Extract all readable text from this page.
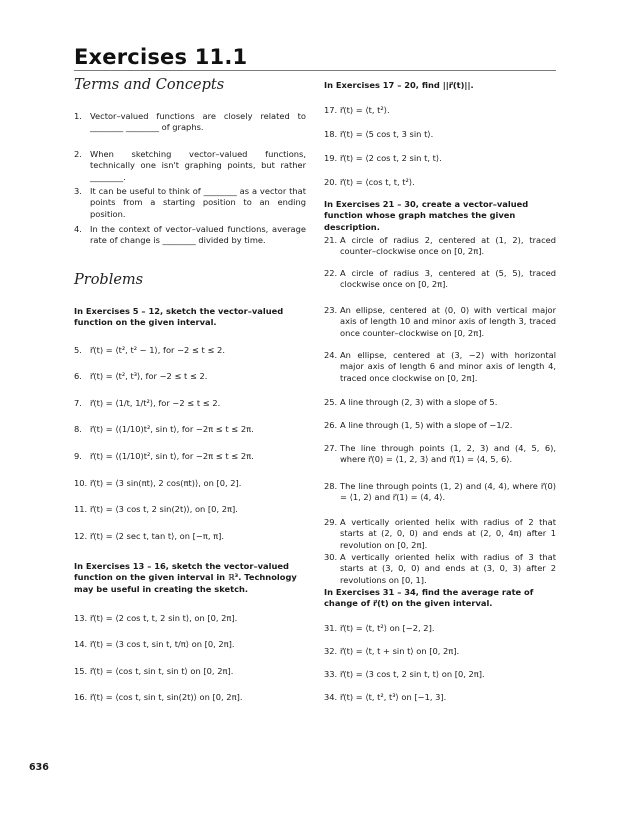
Exercises 11.1
Terms and Concepts
Problems
1. Vector–valued functions are closely related to ________ ________ of graphs.
2. When sketching vector–valued functions, technically one isn't graphing points, but rather ________.
3. It can be useful to think of ________ as a vector that points from a starting position to an ending position.
4. In the context of vector–valued functions, average rate of change is ________ divided by time.
In Exercises 5 – 12, sketch the vector–valued function on the given interval.
5. r⃗(t) = ⟨t², t² − 1⟩, for −2 ≤ t ≤ 2.
6. r⃗(t) = ⟨t², t³⟩, for −2 ≤ t ≤ 2.
7. r⃗(t) = ⟨1/t, 1/t²⟩, for −2 ≤ t ≤ 2.
8. r⃗(t) = ⟨(1/10)t², sin t⟩, for −2π ≤ t ≤ 2π.
9. r⃗(t) = ⟨(1/10)t², sin t⟩, for −2π ≤ t ≤ 2π.
10. r⃗(t) = ⟨3 sin(πt), 2 cos(πt)⟩, on [0, 2].
11. r⃗(t) = ⟨3 cos t, 2 sin(2t)⟩, on [0, 2π].
12. r⃗(t) = ⟨2 sec t, tan t⟩, on [−π, π].
In Exercises 13 – 16, sketch the vector–valued function on the given interval in ℝ³. Technology may be useful in creating the sketch.
13. r⃗(t) = ⟨2 cos t, t, 2 sin t⟩, on [0, 2π].
14. r⃗(t) = ⟨3 cos t, sin t, t/π⟩ on [0, 2π].
15. r⃗(t) = ⟨cos t, sin t, sin t⟩ on [0, 2π].
16. r⃗(t) = ⟨cos t, sin t, sin(2t)⟩ on [0, 2π].
In Exercises 17 – 20, find ||r⃗(t)||.
17. r⃗(t) = ⟨t, t²⟩.
18. r⃗(t) = ⟨5 cos t, 3 sin t⟩.
19. r⃗(t) = ⟨2 cos t, 2 sin t, t⟩.
20. r⃗(t) = ⟨cos t, t, t²⟩.
In Exercises 21 – 30, create a vector–valued function whose graph matches the given description.
21. A circle of radius 2, centered at (1, 2), traced counter–clockwise once on [0, 2π].
22. A circle of radius 3, centered at (5, 5), traced clockwise once on [0, 2π].
23. An ellipse, centered at (0, 0) with vertical major axis of length 10 and minor axis of length 3, traced once counter–clockwise on [0, 2π].
24. An ellipse, centered at (3, −2) with horizontal major axis of length 6 and minor axis of length 4, traced once clockwise on [0, 2π].
25. A line through (2, 3) with a slope of 5.
26. A line through (1, 5) with a slope of −1/2.
27. The line through points (1, 2, 3) and (4, 5, 6), where r⃗(0) = ⟨1, 2, 3⟩ and r⃗(1) = ⟨4, 5, 6⟩.
28. The line through points (1, 2) and (4, 4), where r⃗(0) = ⟨1, 2⟩ and r⃗(1) = ⟨4, 4⟩.
29. A vertically oriented helix with radius of 2 that starts at (2, 0, 0) and ends at (2, 0, 4π) after 1 revolution on [0, 2π].
30. A vertically oriented helix with radius of 3 that starts at (3, 0, 0) and ends at (3, 0, 3) after 2 revolutions on [0, 1].
In Exercises 31 – 34, find the average rate of change of r⃗(t) on the given interval.
31. r⃗(t) = ⟨t, t²⟩ on [−2, 2].
32. r⃗(t) = ⟨t, t + sin t⟩ on [0, 2π].
33. r⃗(t) = ⟨3 cos t, 2 sin t, t⟩ on [0, 2π].
34. r⃗(t) = ⟨t, t², t³⟩ on [−1, 3].
636
